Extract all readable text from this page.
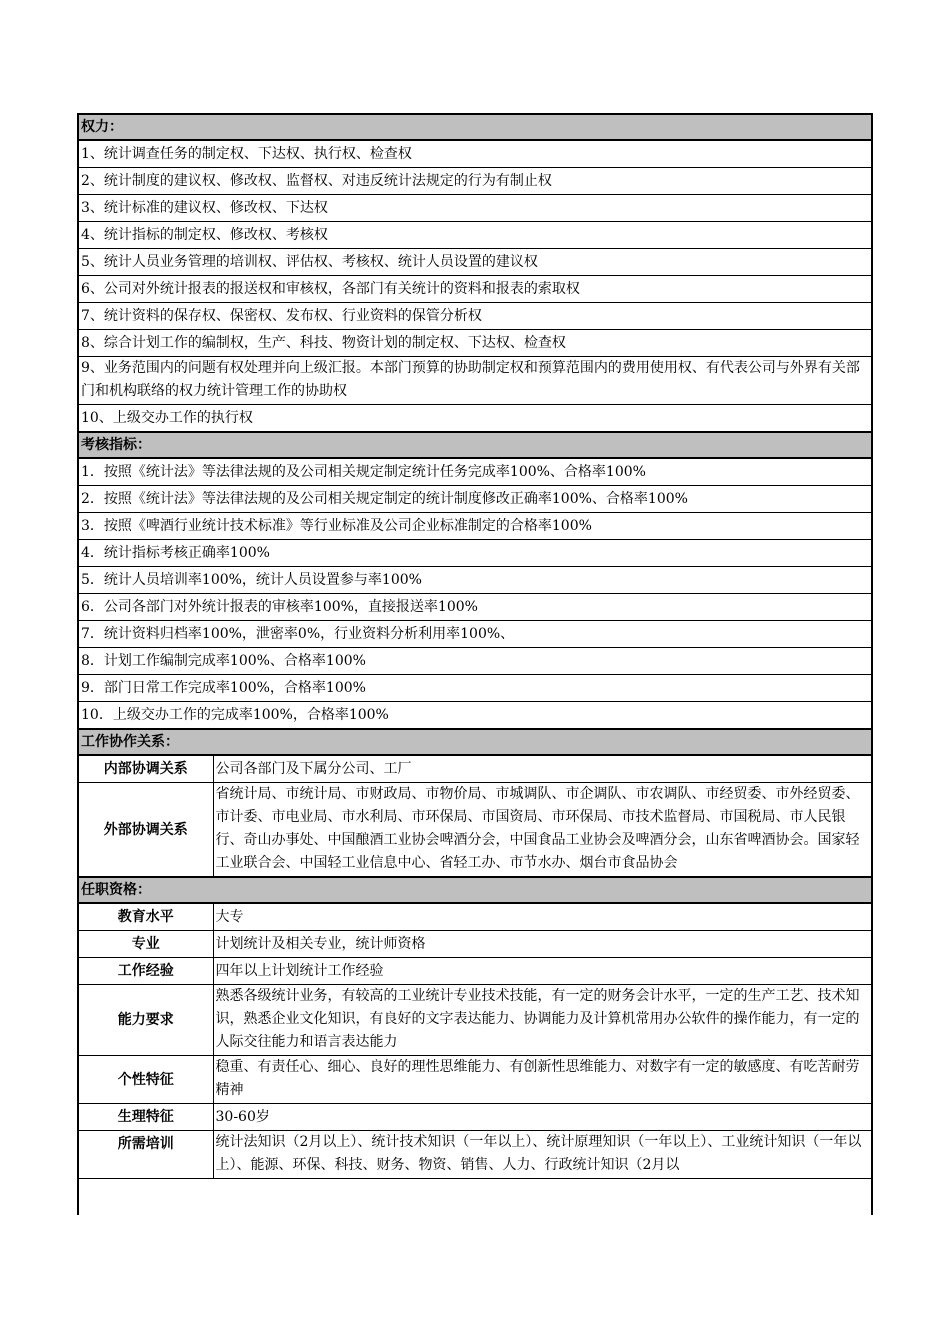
权力：	
1、统计调查任务的制定权、下达权、执行权、检查权	
2、统计制度的建议权、修改权、监督权、对违反统计法规定的行为有制止权	
3、统计标准的建议权、修改权、下达权	
4、统计指标的制定权、修改权、考核权	
5、统计人员业务管理的培训权、评估权、考核权、统计人员设置的建议权	
6、公司对外统计报表的报送权和审核权，各部门有关统计的资料和报表的索取权	
7、统计资料的保存权、保密权、发布权、行业资料的保管分析权	
8、综合计划工作的编制权，生产、科技、物资计划的制定权、下达权、检查权	
9、业务范围内的问题有权处理并向上级汇报。本部门预算的协助制定权和预算范围内的费用使用权、有代表公司与外界有关部门和机构联络的权力统计管理工作的协助权	
10、上级交办工作的执行权	
考核指标：	
1．按照《统计法》等法律法规的及公司相关规定制定统计任务完成率100%、合格率100%	
2．按照《统计法》等法律法规的及公司相关规定制定的统计制度修改正确率100%、合格率100%	
3．按照《啤酒行业统计技术标准》等行业标准及公司企业标准制定的合格率100%	
4．统计指标考核正确率100%	
5．统计人员培训率100%，统计人员设置参与率100%	
6．公司各部门对外统计报表的审核率100%，直接报送率100%	
7．统计资料归档率100%，泄密率0%，行业资料分析利用率100%、	
8．计划工作编制完成率100%、合格率100%	
9．部门日常工作完成率100%，合格率100%	
10．上级交办工作的完成率100%，合格率100%	
工作协作关系：	
内部协调关系	公司各部门及下属分公司、工厂
外部协调关系	省统计局、市统计局、市财政局、市物价局、市城调队、市企调队、市农调队、市经贸委、市外经贸委、市计委、市电业局、市水利局、市环保局、市国资局、市环保局、市技术监督局、市国税局、市人民银行、奇山办事处、中国酿酒工业协会啤酒分会，中国食品工业协会及啤酒分会，山东省啤酒协会。国家轻工业联合会、中国轻工业信息中心、省轻工办、市节水办、烟台市食品协会
任职资格：	
教育水平	大专
专业	计划统计及相关专业，统计师资格
工作经验	四年以上计划统计工作经验
能力要求	熟悉各级统计业务，有较高的工业统计专业技术技能，有一定的财务会计水平，一定的生产工艺、技术知识，熟悉企业文化知识，有良好的文字表达能力、协调能力及计算机常用办公软件的操作能力，有一定的人际交往能力和语言表达能力
个性特征	稳重、有责任心、细心、良好的理性思维能力、有创新性思维能力、对数字有一定的敏感度、有吃苦耐劳精神
生理特征	30-60岁
所需培训	统计法知识（2月以上）、统计技术知识（一年以上）、统计原理知识（一年以上）、工业统计知识（一年以上）、能源、环保、科技、财务、物资、销售、人力、行政统计知识（2月以
